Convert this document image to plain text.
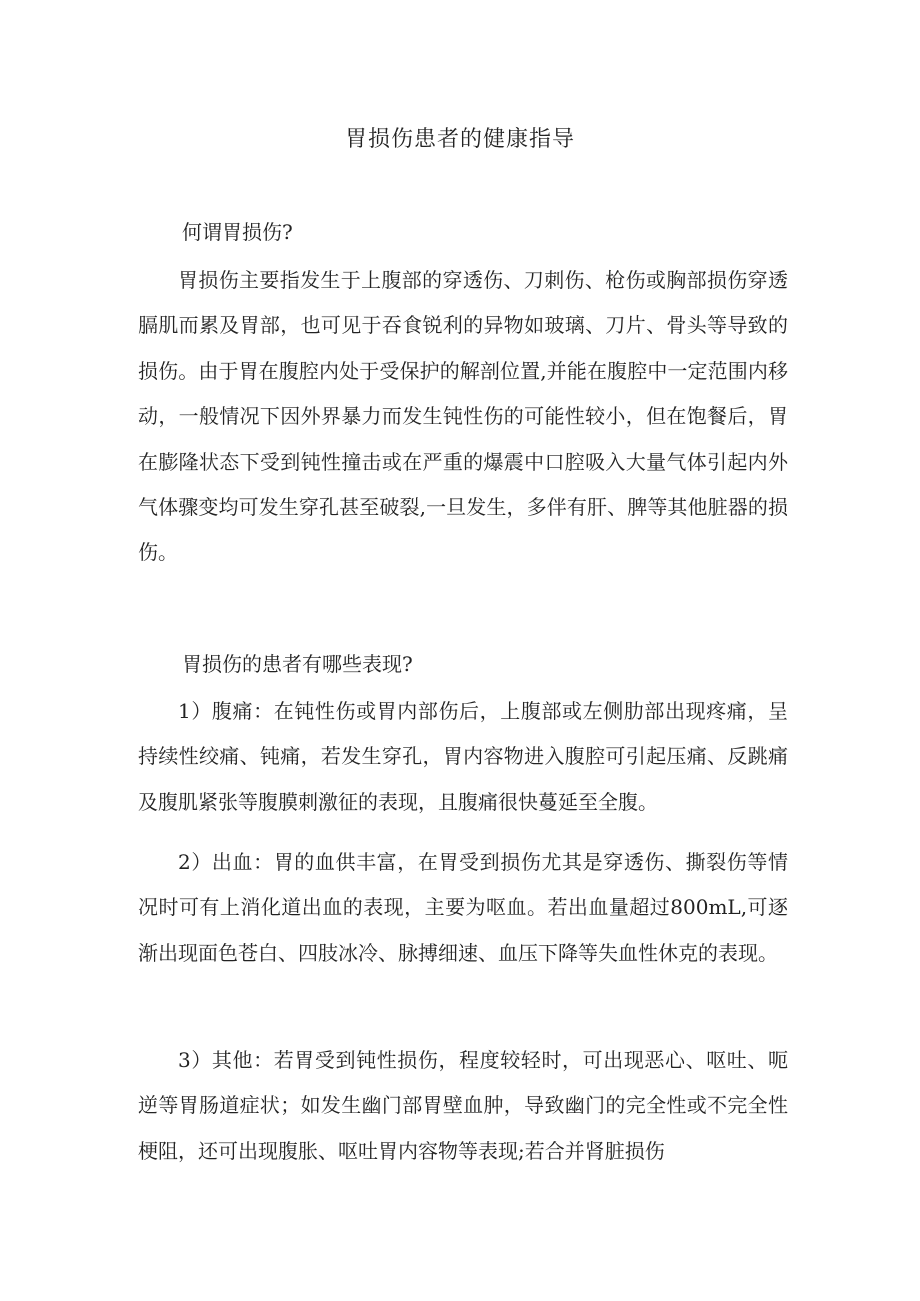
胃损伤患者的健康指导

何谓胃损伤?

胃损伤主要指发生于上腹部的穿透伤、刀刺伤、枪伤或胸部损伤穿透膈肌而累及胃部，也可见于吞食锐利的异物如玻璃、刀片、骨头等导致的损伤。由于胃在腹腔内处于受保护的解剖位置,并能在腹腔中一定范围内移动，一般情况下因外界暴力而发生钝性伤的可能性较小，但在饱餐后，胃在膨隆状态下受到钝性撞击或在严重的爆震中口腔吸入大量气体引起内外气体骤变均可发生穿孔甚至破裂,一旦发生，多伴有肝、脾等其他脏器的损伤。

胃损伤的患者有哪些表现?

1）腹痛：在钝性伤或胃内部伤后，上腹部或左侧肋部出现疼痛，呈持续性绞痛、钝痛，若发生穿孔，胃内容物进入腹腔可引起压痛、反跳痛及腹肌紧张等腹膜刺激征的表现，且腹痛很快蔓延至全腹。

2）出血：胃的血供丰富，在胃受到损伤尤其是穿透伤、撕裂伤等情况时可有上消化道出血的表现，主要为呕血。若出血量超过800mL,可逐渐出现面色苍白、四肢冰冷、脉搏细速、血压下降等失血性休克的表现。

3）其他：若胃受到钝性损伤，程度较轻时，可出现恶心、呕吐、呃逆等胃肠道症状；如发生幽门部胃壁血肿，导致幽门的完全性或不完全性梗阻，还可出现腹胀、呕吐胃内容物等表现;若合并肾脏损伤
